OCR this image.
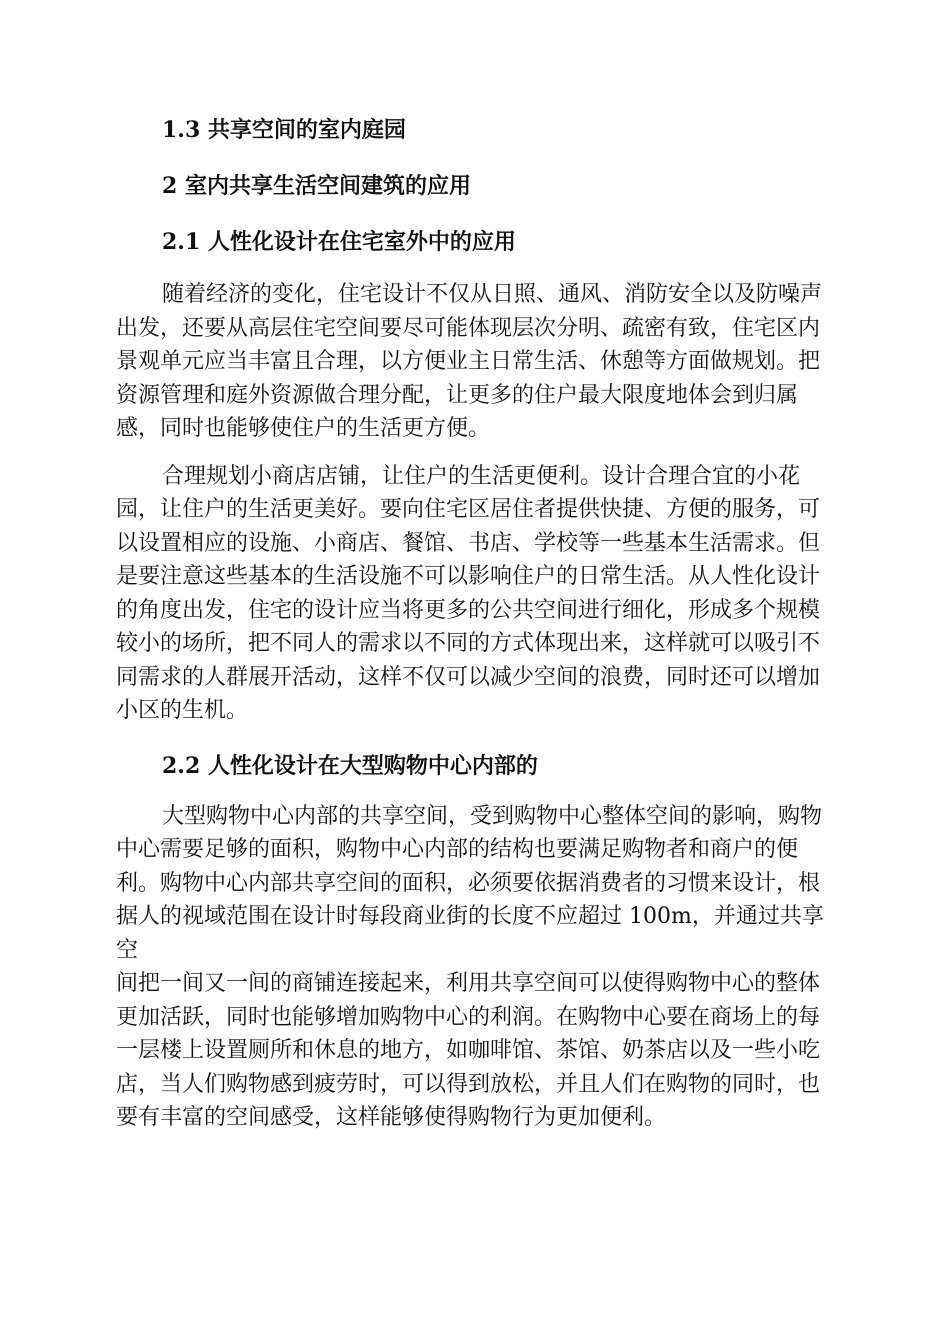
1.3 共享空间的室内庭园
2 室内共享生活空间建筑的应用
2.1 人性化设计在住宅室外中的应用

随着经济的变化，住宅设计不仅从日照、通风、消防安全以及防噪声
出发，还要从高层住宅空间要尽可能体现层次分明、疏密有致，住宅区内
景观单元应当丰富且合理，以方便业主日常生活、休憩等方面做规划。把
资源管理和庭外资源做合理分配，让更多的住户最大限度地体会到归属
感，同时也能够使住户的生活更方便。

合理规划小商店店铺，让住户的生活更便利。设计合理合宜的小花
园，让住户的生活更美好。要向住宅区居住者提供快捷、方便的服务，可
以设置相应的设施、小商店、餐馆、书店、学校等一些基本生活需求。但
是要注意这些基本的生活设施不可以影响住户的日常生活。从人性化设计
的角度出发，住宅的设计应当将更多的公共空间进行细化，形成多个规模
较小的场所，把不同人的需求以不同的方式体现出来，这样就可以吸引不
同需求的人群展开活动，这样不仅可以减少空间的浪费，同时还可以增加
小区的生机。

2.2 人性化设计在大型购物中心内部的

大型购物中心内部的共享空间，受到购物中心整体空间的影响，购物
中心需要足够的面积，购物中心内部的结构也要满足购物者和商户的便
利。购物中心内部共享空间的面积，必须要依据消费者的习惯来设计，根
据人的视域范围在设计时每段商业街的长度不应超过 100m，并通过共享空
间把一间又一间的商铺连接起来，利用共享空间可以使得购物中心的整体
更加活跃，同时也能够增加购物中心的利润。在购物中心要在商场上的每
一层楼上设置厕所和休息的地方，如咖啡馆、茶馆、奶茶店以及一些小吃
店，当人们购物感到疲劳时，可以得到放松，并且人们在购物的同时，也
要有丰富的空间感受，这样能够使得购物行为更加便利。
